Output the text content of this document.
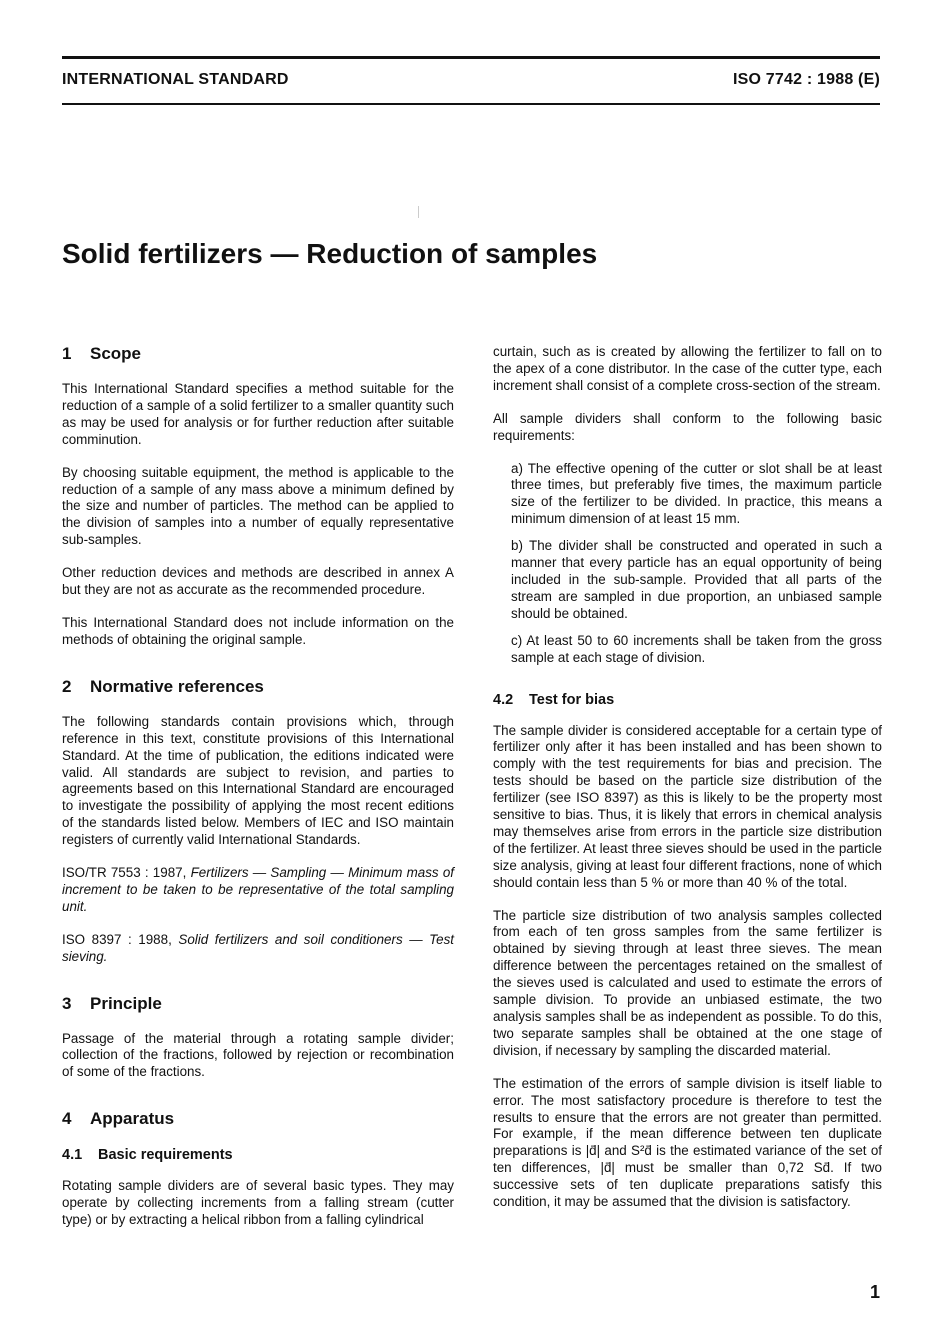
INTERNATIONAL STANDARD	ISO 7742 : 1988 (E)
Solid fertilizers — Reduction of samples
1 Scope

This International Standard specifies a method suitable for the reduction of a sample of a solid fertilizer to a smaller quantity such as may be used for analysis or for further reduction after suitable comminution.

By choosing suitable equipment, the method is applicable to the reduction of a sample of any mass above a minimum defined by the size and number of particles. The method can be applied to the division of samples into a number of equally representative sub-samples.

Other reduction devices and methods are described in annex A but they are not as accurate as the recommended procedure.

This International Standard does not include information on the methods of obtaining the original sample.

2 Normative references

The following standards contain provisions which, through reference in this text, constitute provisions of this International Standard. At the time of publication, the editions indicated were valid. All standards are subject to revision, and parties to agreements based on this International Standard are encouraged to investigate the possibility of applying the most recent editions of the standards listed below. Members of IEC and ISO maintain registers of currently valid International Standards.

ISO/TR 7553 : 1987, Fertilizers — Sampling — Minimum mass of increment to be taken to be representative of the total sampling unit.

ISO 8397 : 1988, Solid fertilizers and soil conditioners — Test sieving.

3 Principle

Passage of the material through a rotating sample divider; collection of the fractions, followed by rejection or recombination of some of the fractions.

4 Apparatus
4.1 Basic requirements

Rotating sample dividers are of several basic types. They may operate by collecting increments from a falling stream (cutter type) or by extracting a helical ribbon from a falling cylindrical

curtain, such as is created by allowing the fertilizer to fall on to the apex of a cone distributor. In the case of the cutter type, each increment shall consist of a complete cross-section of the stream.

All sample dividers shall conform to the following basic requirements:

a) The effective opening of the cutter or slot shall be at least three times, but preferably five times, the maximum particle size of the fertilizer to be divided. In practice, this means a minimum dimension of at least 15 mm.

b) The divider shall be constructed and operated in such a manner that every particle has an equal opportunity of being included in the sub-sample. Provided that all parts of the stream are sampled in due proportion, an unbiased sample should be obtained.

c) At least 50 to 60 increments shall be taken from the gross sample at each stage of division.

4.2 Test for bias

The sample divider is considered acceptable for a certain type of fertilizer only after it has been installed and has been shown to comply with the test requirements for bias and precision. The tests should be based on the particle size distribution of the fertilizer (see ISO 8397) as this is likely to be the property most sensitive to bias. Thus, it is likely that errors in chemical analysis may themselves arise from errors in the particle size distribution of the fertilizer. At least three sieves should be used in the particle size analysis, giving at least four different fractions, none of which should contain less than 5 % or more than 40 % of the total.

The particle size distribution of two analysis samples collected from each of ten gross samples from the same fertilizer is obtained by sieving through at least three sieves. The mean difference between the percentages retained on the smallest of the sieves used is calculated and used to estimate the errors of sample division. To provide an unbiased estimate, the two analysis samples shall be as independent as possible. To do this, two separate samples shall be obtained at the one stage of division, if necessary by sampling the discarded material.

The estimation of the errors of sample division is itself liable to error. The most satisfactory procedure is therefore to test the results to ensure that the errors are not greater than permitted. For example, if the mean difference between ten duplicate preparations is |d̄| and S²d̄ is the estimated variance of the set of ten differences, |d̄| must be smaller than 0,72 Sd̄. If two successive sets of ten duplicate preparations satisfy this condition, it may be assumed that the division is satisfactory.

1
